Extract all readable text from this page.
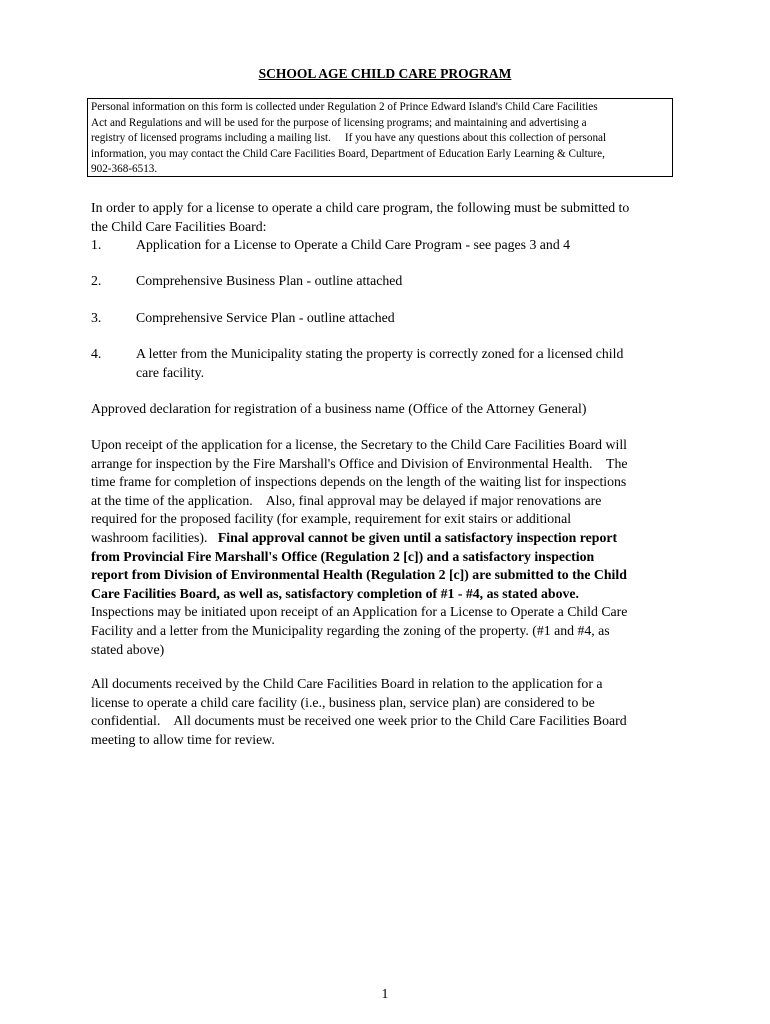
SCHOOL AGE CHILD CARE PROGRAM
Personal information on this form is collected under Regulation 2 of Prince Edward Island's Child Care Facilities
Act and Regulations and will be used for the purpose of licensing programs; and maintaining and advertising a
registry of licensed programs including a mailing list.     If you have any questions about this collection of personal
information, you may contact the Child Care Facilities Board, Department of Education Early Learning & Culture,
902-368-6513.
In order to apply for a license to operate a child care program, the following must be submitted to
the Child Care Facilities Board:
1.	Application for a License to Operate a Child Care Program - see pages 3 and 4
2.	Comprehensive Business Plan - outline attached
3.	Comprehensive Service Plan - outline attached
4.	A letter from the Municipality stating the property is correctly zoned for a licensed child
care facility.
Approved declaration for registration of a business name (Office of the Attorney General)
Upon receipt of the application for a license, the Secretary to the Child Care Facilities Board will
arrange for inspection by the Fire Marshall's Office and Division of Environmental Health.    The
time frame for completion of inspections depends on the length of the waiting list for inspections
at the time of the application.    Also, final approval may be delayed if major renovations are
required for the proposed facility (for example, requirement for exit stairs or additional
washroom facilities).   Final approval cannot be given until a satisfactory inspection report
from Provincial Fire Marshall's Office (Regulation 2 [c]) and a satisfactory inspection
report from Division of Environmental Health (Regulation 2 [c]) are submitted to the Child
Care Facilities Board, as well as, satisfactory completion of #1 - #4, as stated above.
Inspections may be initiated upon receipt of an Application for a License to Operate a Child Care
Facility and a letter from the Municipality regarding the zoning of the property. (#1 and #4, as
stated above)
All documents received by the Child Care Facilities Board in relation to the application for a
license to operate a child care facility (i.e., business plan, service plan) are considered to be
confidential.    All documents must be received one week prior to the Child Care Facilities Board
meeting to allow time for review.
1
